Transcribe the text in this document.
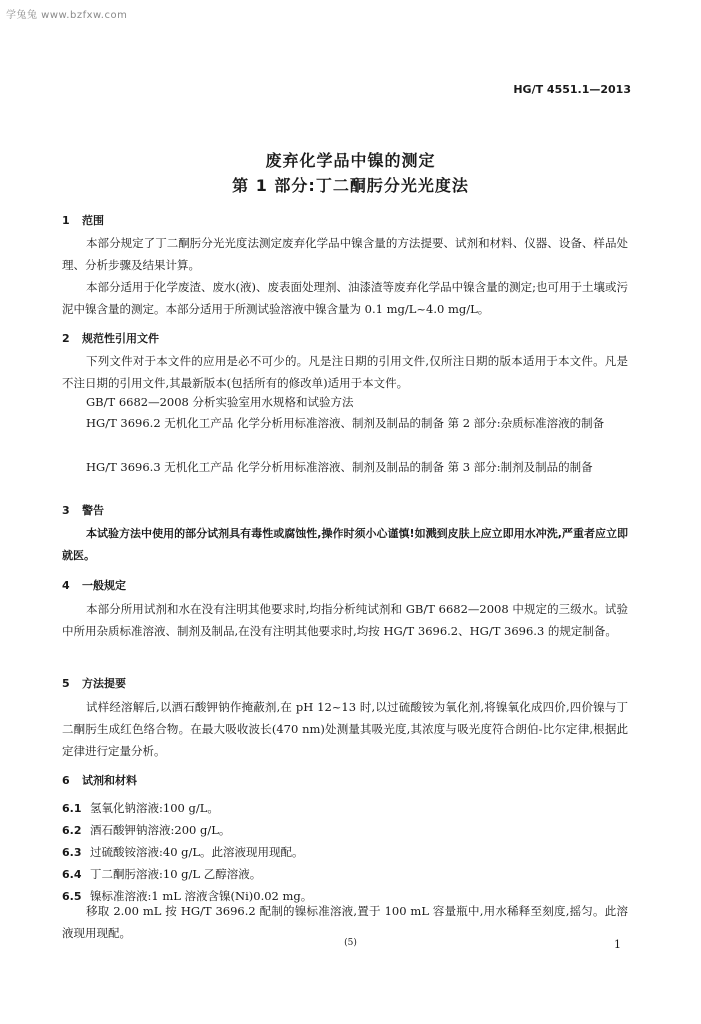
学兔兔 www.bzfxw.com
HG/T 4551.1—2013
废弃化学品中镍的测定
第 1 部分:丁二酮肟分光光度法
1 范围
本部分规定了丁二酮肟分光光度法测定废弃化学品中镍含量的方法提要、试剂和材料、仪器、设备、样品处理、分析步骤及结果计算。
本部分适用于化学废渣、废水(液)、废表面处理剂、油漆渣等废弃化学品中镍含量的测定;也可用于土壤或污泥中镍含量的测定。本部分适用于所测试验溶液中镍含量为 0.1 mg/L~4.0 mg/L。
2 规范性引用文件
下列文件对于本文件的应用是必不可少的。凡是注日期的引用文件,仅所注日期的版本适用于本文件。凡是不注日期的引用文件,其最新版本(包括所有的修改单)适用于本文件。
GB/T 6682—2008 分析实验室用水规格和试验方法
HG/T 3696.2 无机化工产品 化学分析用标准溶液、制剂及制品的制备 第 2 部分:杂质标准溶液的制备
HG/T 3696.3 无机化工产品 化学分析用标准溶液、制剂及制品的制备 第 3 部分:制剂及制品的制备
3 警告
本试验方法中使用的部分试剂具有毒性或腐蚀性,操作时须小心谨慎!如溅到皮肤上应立即用水冲洗,严重者应立即就医。
4 一般规定
本部分所用试剂和水在没有注明其他要求时,均指分析纯试剂和 GB/T 6682—2008 中规定的三级水。试验中所用杂质标准溶液、制剂及制品,在没有注明其他要求时,均按 HG/T 3696.2、HG/T 3696.3 的规定制备。
5 方法提要
试样经溶解后,以酒石酸钾钠作掩蔽剂,在 pH 12~13 时,以过硫酸铵为氧化剂,将镍氧化成四价,四价镍与丁二酮肟生成红色络合物。在最大吸收波长(470 nm)处测量其吸光度,其浓度与吸光度符合朗伯-比尔定律,根据此定律进行定量分析。
6 试剂和材料
6.1 氢氧化钠溶液:100 g/L。
6.2 酒石酸钾钠溶液:200 g/L。
6.3 过硫酸铵溶液:40 g/L。此溶液现用现配。
6.4 丁二酮肟溶液:10 g/L 乙醇溶液。
6.5 镍标准溶液:1 mL 溶液含镍(Ni)0.02 mg。
移取 2.00 mL 按 HG/T 3696.2 配制的镍标准溶液,置于 100 mL 容量瓶中,用水稀释至刻度,摇匀。此溶液现用现配。
(5)	1
